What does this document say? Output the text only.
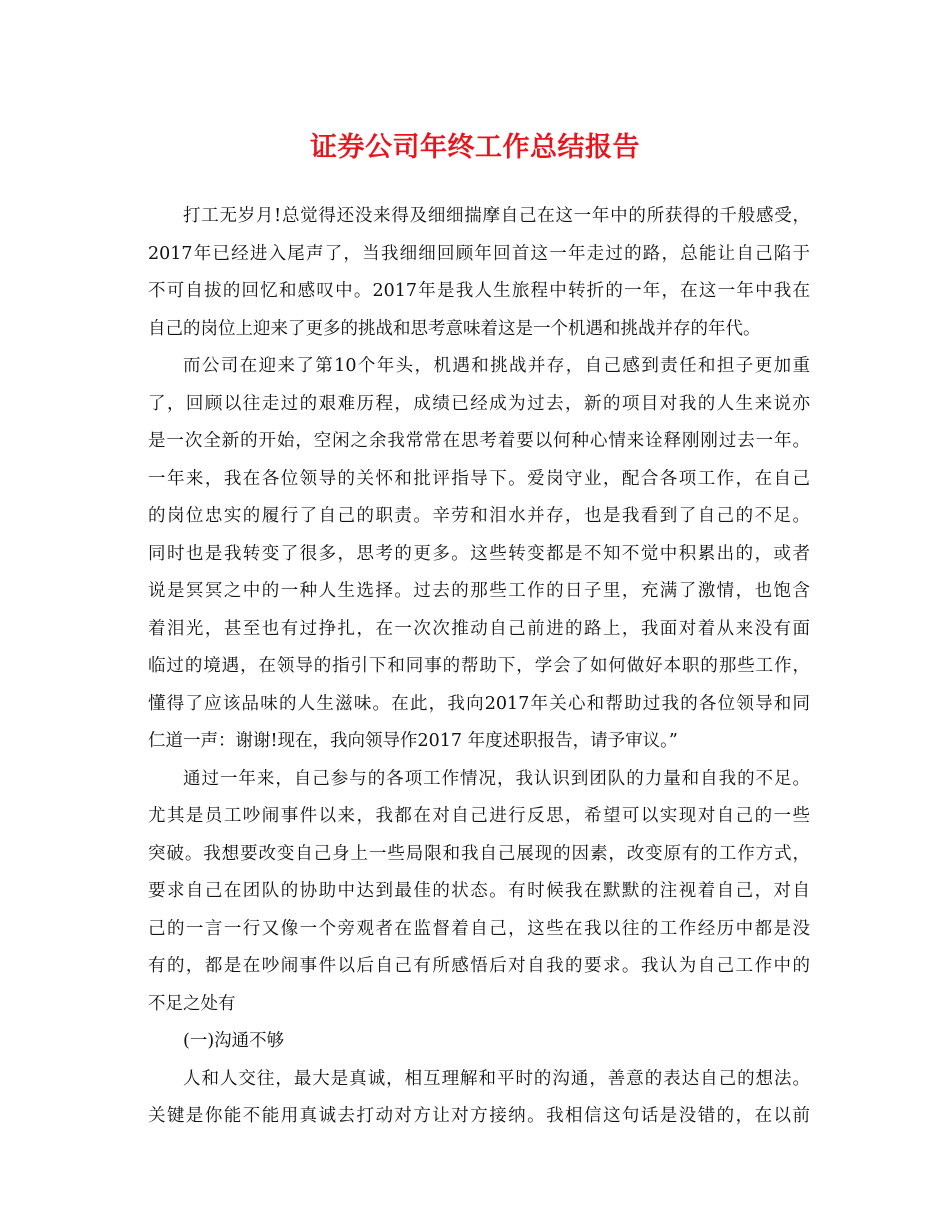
证券公司年终工作总结报告
打工无岁月!总觉得还没来得及细细揣摩自己在这一年中的所获得的千般感受，
2017年已经进入尾声了，当我细细回顾年回首这一年走过的路，总能让自己陷于
不可自拔的回忆和感叹中。2017年是我人生旅程中转折的一年，在这一年中我在
自己的岗位上迎来了更多的挑战和思考意味着这是一个机遇和挑战并存的年代。
而公司在迎来了第10个年头，机遇和挑战并存，自己感到责任和担子更加重
了，回顾以往走过的艰难历程，成绩已经成为过去，新的项目对我的人生来说亦
是一次全新的开始，空闲之余我常常在思考着要以何种心情来诠释刚刚过去一年。
一年来，我在各位领导的关怀和批评指导下。爱岗守业，配合各项工作，在自己
的岗位忠实的履行了自己的职责。辛劳和泪水并存，也是我看到了自己的不足。
同时也是我转变了很多，思考的更多。这些转变都是不知不觉中积累出的，或者
说是冥冥之中的一种人生选择。过去的那些工作的日子里，充满了激情，也饱含
着泪光，甚至也有过挣扎，在一次次推动自己前进的路上，我面对着从来没有面
临过的境遇，在领导的指引下和同事的帮助下，学会了如何做好本职的那些工作，
懂得了应该品味的人生滋味。在此，我向2017年关心和帮助过我的各位领导和同
仁道一声：谢谢!现在，我向领导作2017 年度述职报告，请予审议。”
通过一年来，自己参与的各项工作情况，我认识到团队的力量和自我的不足。
尤其是员工吵闹事件以来，我都在对自己进行反思，希望可以实现对自己的一些
突破。我想要改变自己身上一些局限和我自己展现的因素，改变原有的工作方式，
要求自己在团队的协助中达到最佳的状态。有时候我在默默的注视着自己，对自
己的一言一行又像一个旁观者在监督着自己，这些在我以往的工作经历中都是没
有的，都是在吵闹事件以后自己有所感悟后对自我的要求。我认为自己工作中的
不足之处有
(一)沟通不够
人和人交往，最大是真诚，相互理解和平时的沟通，善意的表达自己的想法。
关键是你能不能用真诚去打动对方让对方接纳。我相信这句话是没错的，在以前
